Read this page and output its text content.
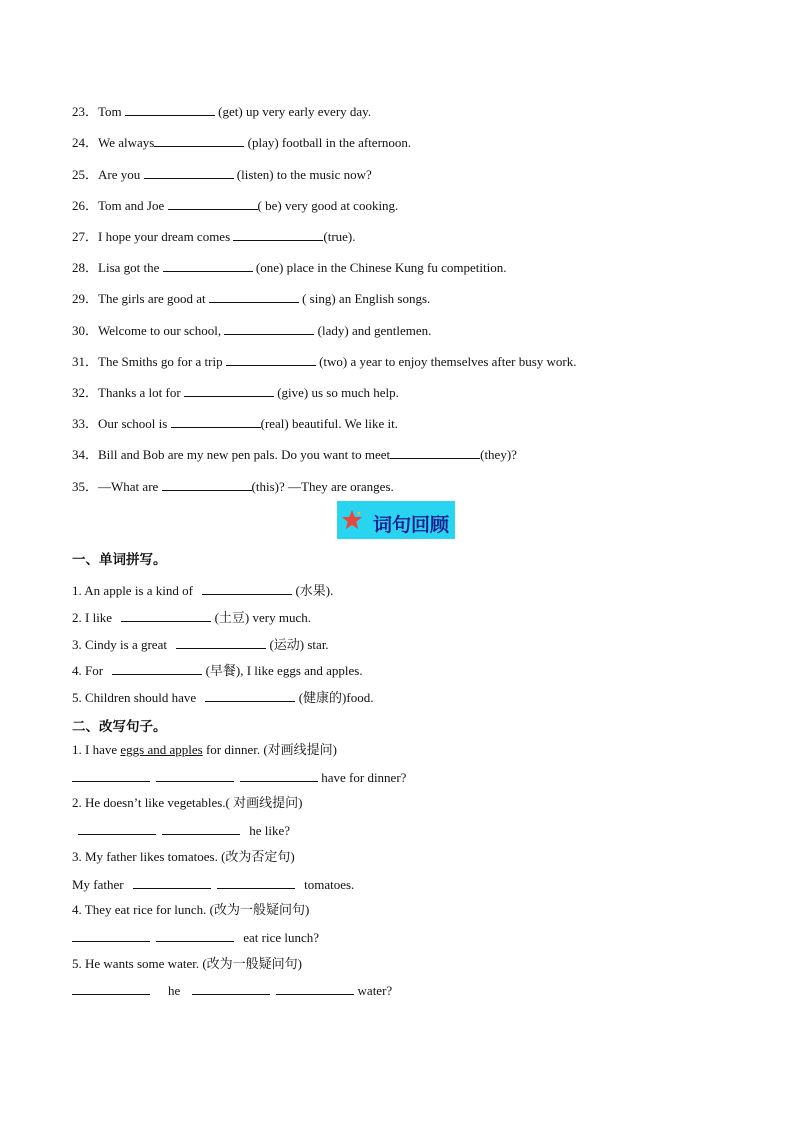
23．Tom	(get) up very early every day.
24．We always	(play) football in the afternoon.
25．Are you	(listen) to the music now?
26．Tom and Joe	( be) very good at cooking.
27．I hope your dream comes	(true).
28．Lisa got the	(one) place in the Chinese Kung fu competition.
29．The girls are good at	( sing) an English songs.
30．Welcome to our school,	(lady) and gentlemen.
31．The Smiths go for a trip	(two) a year to enjoy themselves after busy work.
32．Thanks a lot for	(give) us so much help.
33．Our school is	(real) beautiful. We like it.
34．Bill and Bob are my new pen pals. Do you want to meet	(they)?
35．—What are	(this)? —They are oranges.
词句回顾
一、单词拼写。
1. An apple is a kind of	(水果).
2. I like	(土豆) very much.
3. Cindy is a great	(运动) star.
4. For	(早餐), I like eggs and apples.
5. Children should have	(健康的)food.
二、改写句子。
1. I have eggs and apples for dinner. (对画线提问)
have for dinner?
2. He doesn’t like vegetables.( 对画线提问)
he like?
3. My father likes tomatoes. (改为否定句)
My father	tomatoes.
4. They eat rice for lunch. (改为一般疑问句)
eat rice lunch?
5. He wants some water. (改为一般疑问句)
he	water?
